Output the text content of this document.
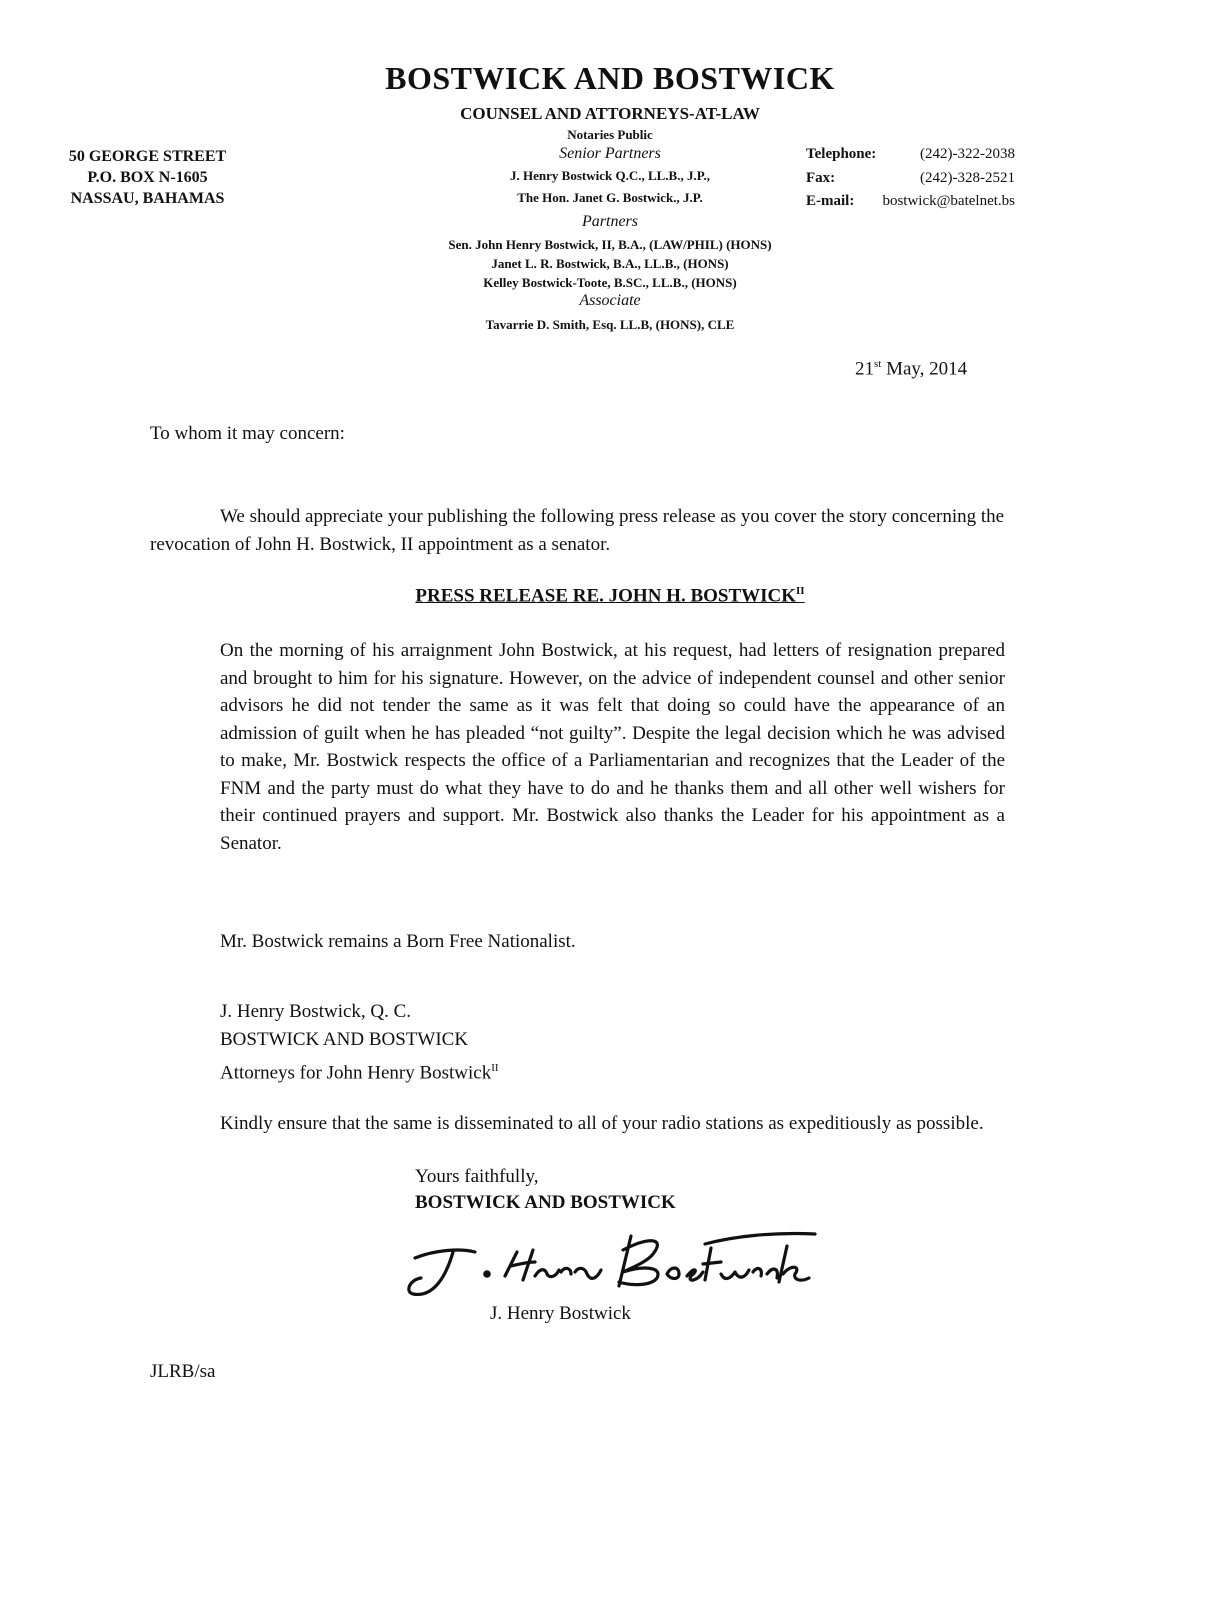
BOSTWICK AND BOSTWICK
COUNSEL AND ATTORNEYS-AT-LAW
Notaries Public
Senior Partners
J. Henry Bostwick Q.C., LL.B., J.P.,
The Hon. Janet G. Bostwick., J.P.
Partners
Sen. John Henry Bostwick, II, B.A., (LAW/PHIL) (HONS)
Janet L. R. Bostwick, B.A., LL.B., (HONS)
Kelley Bostwick-Toote, B.SC., LL.B., (HONS)
Associate
Tavarrie D. Smith, Esq. LL.B, (HONS), CLE
50 GEORGE STREET
P.O. BOX N-1605
NASSAU, BAHAMAS
Telephone:
Fax:
E-mail:
(242)-322-2038
(242)-328-2521
bostwick@batelnet.bs
21st May, 2014
To whom it may concern:
We should appreciate your publishing the following press release as you cover the story concerning the revocation of John H. Bostwick, II appointment as a senator.
PRESS RELEASE RE. JOHN H. $BOSTWICK^{II}$
On the morning of his arraignment John Bostwick, at his request, had letters of resignation prepared and brought to him for his signature. However, on the advice of independent counsel and other senior advisors he did not tender the same as it was felt that doing so could have the appearance of an admission of guilt when he has pleaded “not guilty”. Despite the legal decision which he was advised to make, Mr. Bostwick respects the office of a Parliamentarian and recognizes that the Leader of the FNM and the party must do what they have to do and he thanks them and all other well wishers for their continued prayers and support. Mr. Bostwick also thanks the Leader for his appointment as a Senator.
Mr. Bostwick remains a Born Free Nationalist.
J. Henry Bostwick, Q. C.
BOSTWICK AND BOSTWICK
Attorneys for John Henry Bostwick$^{II}$
Kindly ensure that the same is disseminated to all of your radio stations as expeditiously as possible.
Yours faithfully,
BOSTWICK AND BOSTWICK
J. Henry Bostwick
JLRB/sa
